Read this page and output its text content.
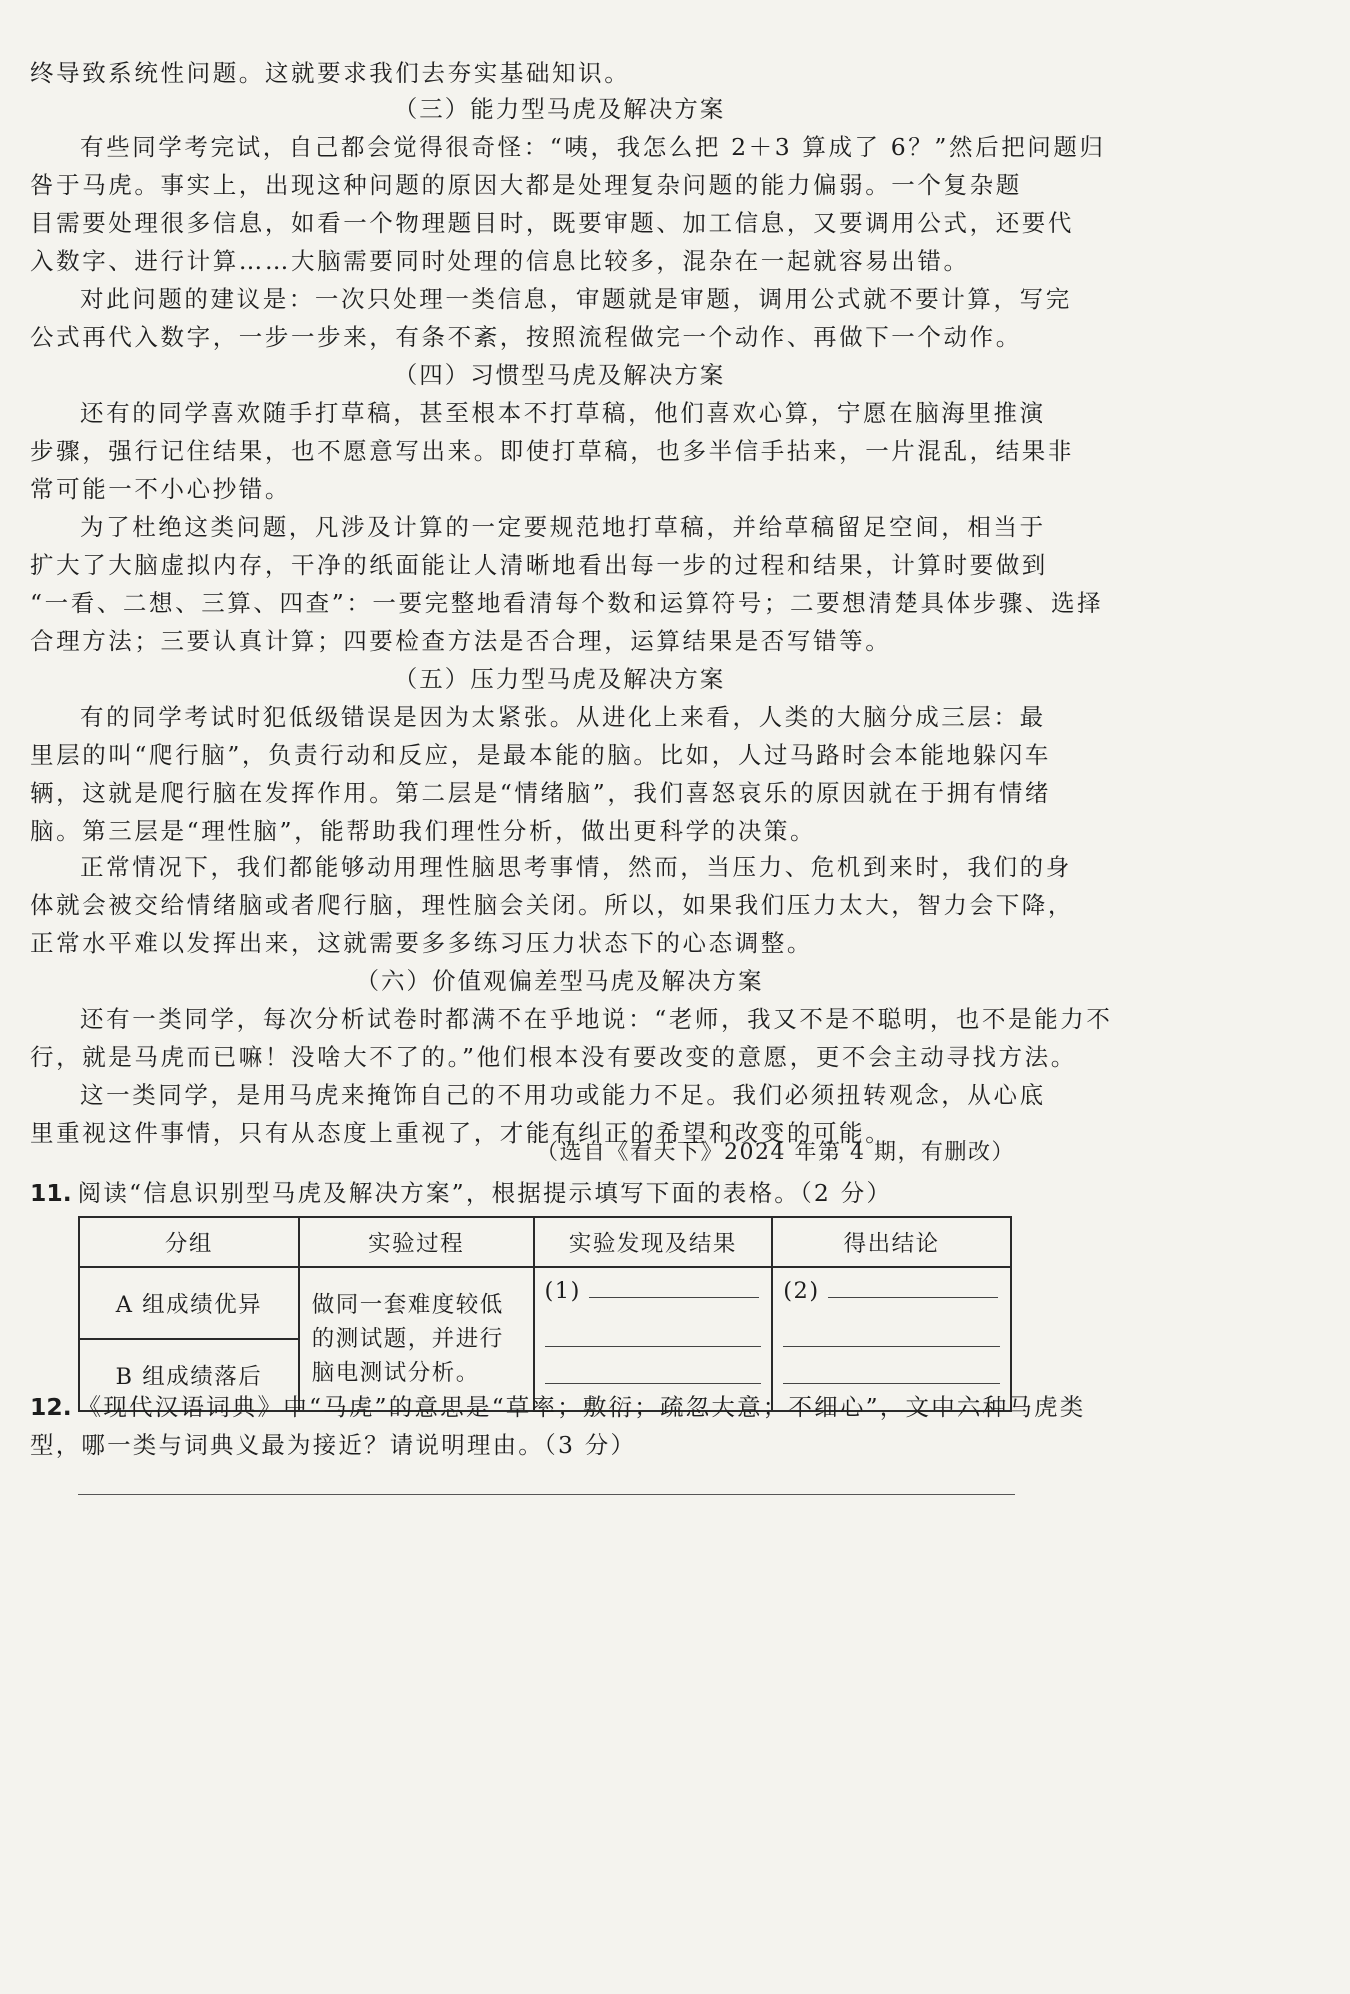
终导致系统性问题。这就要求我们去夯实基础知识。
（三）能力型马虎及解决方案
有些同学考完试，自己都会觉得很奇怪：“咦，我怎么把 2＋3 算成了 6？”然后把问题归
咎于马虎。事实上，出现这种问题的原因大都是处理复杂问题的能力偏弱。一个复杂题
目需要处理很多信息，如看一个物理题目时，既要审题、加工信息，又要调用公式，还要代
入数字、进行计算……大脑需要同时处理的信息比较多，混杂在一起就容易出错。
对此问题的建议是：一次只处理一类信息，审题就是审题，调用公式就不要计算，写完
公式再代入数字，一步一步来，有条不紊，按照流程做完一个动作、再做下一个动作。
（四）习惯型马虎及解决方案
还有的同学喜欢随手打草稿，甚至根本不打草稿，他们喜欢心算，宁愿在脑海里推演
步骤，强行记住结果，也不愿意写出来。即使打草稿，也多半信手拈来，一片混乱，结果非
常可能一不小心抄错。
为了杜绝这类问题，凡涉及计算的一定要规范地打草稿，并给草稿留足空间，相当于
扩大了大脑虚拟内存，干净的纸面能让人清晰地看出每一步的过程和结果，计算时要做到
“一看、二想、三算、四查”：一要完整地看清每个数和运算符号；二要想清楚具体步骤、选择
合理方法；三要认真计算；四要检查方法是否合理，运算结果是否写错等。
（五）压力型马虎及解决方案
有的同学考试时犯低级错误是因为太紧张。从进化上来看，人类的大脑分成三层：最
里层的叫“爬行脑”，负责行动和反应，是最本能的脑。比如，人过马路时会本能地躲闪车
辆，这就是爬行脑在发挥作用。第二层是“情绪脑”，我们喜怒哀乐的原因就在于拥有情绪
脑。第三层是“理性脑”，能帮助我们理性分析，做出更科学的决策。
正常情况下，我们都能够动用理性脑思考事情，然而，当压力、危机到来时，我们的身
体就会被交给情绪脑或者爬行脑，理性脑会关闭。所以，如果我们压力太大，智力会下降，
正常水平难以发挥出来，这就需要多多练习压力状态下的心态调整。
（六）价值观偏差型马虎及解决方案
还有一类同学，每次分析试卷时都满不在乎地说：“老师，我又不是不聪明，也不是能力不
行，就是马虎而已嘛！没啥大不了的。”他们根本没有要改变的意愿，更不会主动寻找方法。
这一类同学，是用马虎来掩饰自己的不用功或能力不足。我们必须扭转观念，从心底
里重视这件事情，只有从态度上重视了，才能有纠正的希望和改变的可能。
（选自《看天下》2024 年第 4 期，有删改）
11. 阅读“信息识别型马虎及解决方案”，根据提示填写下面的表格。（2 分）
分组	实验过程	实验发现及结果	得出结论
A 组成绩优异	做同一套难度较低的测试题，并进行脑电测试分析。	(1)	(2)

B 组成绩落后			
12. 《现代汉语词典》中“马虎”的意思是“草率；敷衍；疏忽大意；不细心”，文中六种马虎类
型，哪一类与词典义最为接近？请说明理由。（3 分）
